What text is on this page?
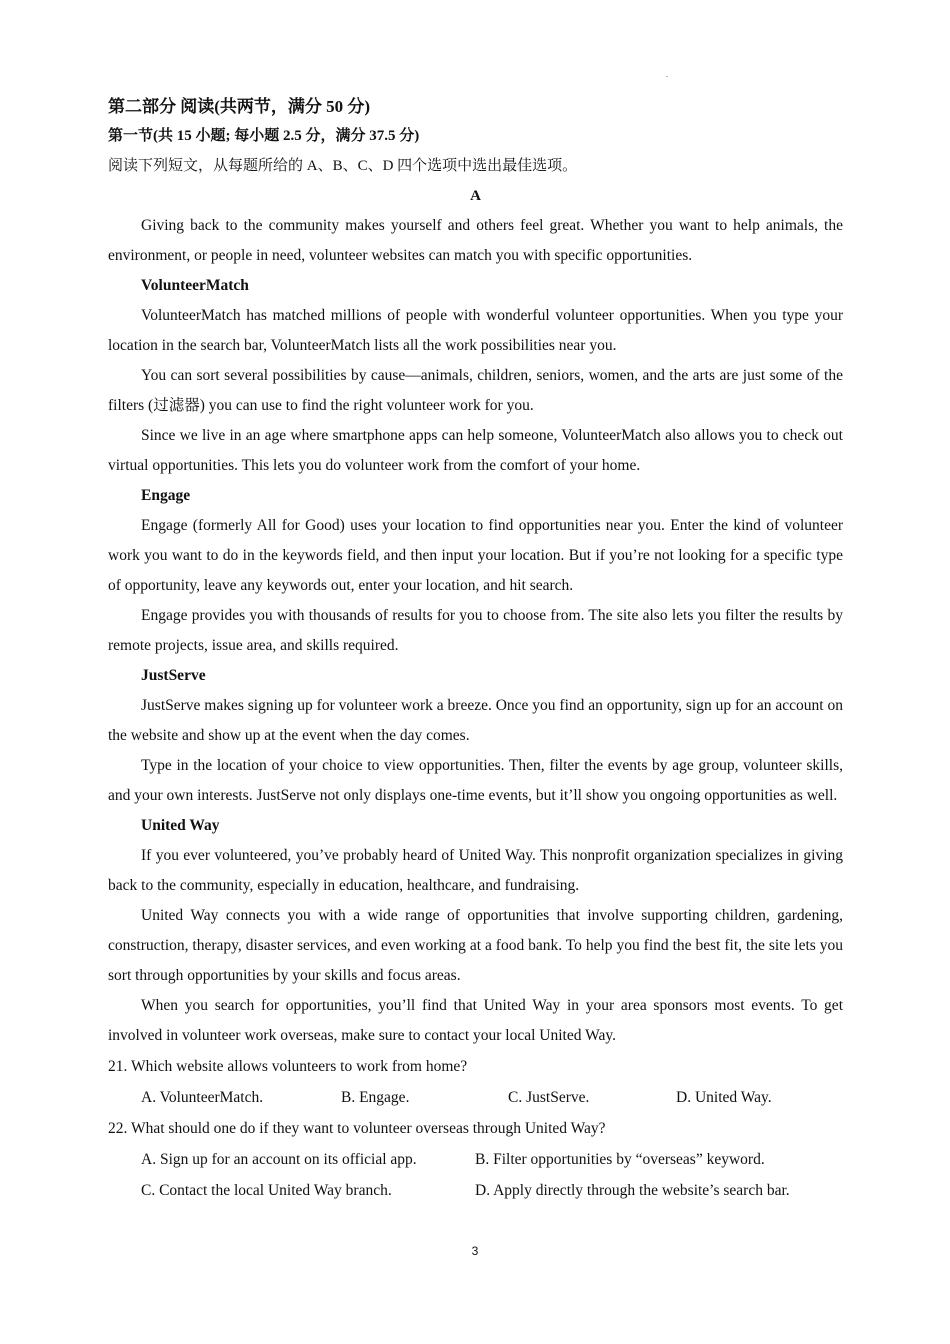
第二部分 阅读(共两节，满分 50 分)
第一节(共 15 小题; 每小题 2.5 分，满分 37.5 分)
阅读下列短文，从每题所给的 A、B、C、D 四个选项中选出最佳选项。
A

Giving back to the community makes yourself and others feel great. Whether you want to help animals, the environment, or people in need, volunteer websites can match you with specific opportunities.

VolunteerMatch

VolunteerMatch has matched millions of people with wonderful volunteer opportunities. When you type your location in the search bar, VolunteerMatch lists all the work possibilities near you.

You can sort several possibilities by cause—animals, children, seniors, women, and the arts are just some of the filters (过滤器) you can use to find the right volunteer work for you.

Since we live in an age where smartphone apps can help someone, VolunteerMatch also allows you to check out virtual opportunities. This lets you do volunteer work from the comfort of your home.

Engage

Engage (formerly All for Good) uses your location to find opportunities near you. Enter the kind of volunteer work you want to do in the keywords field, and then input your location. But if you’re not looking for a specific type of opportunity, leave any keywords out, enter your location, and hit search.

Engage provides you with thousands of results for you to choose from. The site also lets you filter the results by remote projects, issue area, and skills required.

JustServe

JustServe makes signing up for volunteer work a breeze. Once you find an opportunity, sign up for an account on the website and show up at the event when the day comes.

Type in the location of your choice to view opportunities. Then, filter the events by age group, volunteer skills, and your own interests. JustServe not only displays one-time events, but it’ll show you ongoing opportunities as well.

United Way

If you ever volunteered, you’ve probably heard of United Way. This nonprofit organization specializes in giving back to the community, especially in education, healthcare, and fundraising.

United Way connects you with a wide range of opportunities that involve supporting children, gardening, construction, therapy, disaster services, and even working at a food bank. To help you find the best fit, the site lets you sort through opportunities by your skills and focus areas.

When you search for opportunities, you’ll find that United Way in your area sponsors most events. To get involved in volunteer work overseas, make sure to contact your local United Way.

21. Which website allows volunteers to work from home?
A. VolunteerMatch.	B. Engage.	C. JustServe.	D. United Way.
22. What should one do if they want to volunteer overseas through United Way?
A. Sign up for an account on its official app.	B. Filter opportunities by “overseas” keyword.
C. Contact the local United Way branch.	D. Apply directly through the website’s search bar.
3
